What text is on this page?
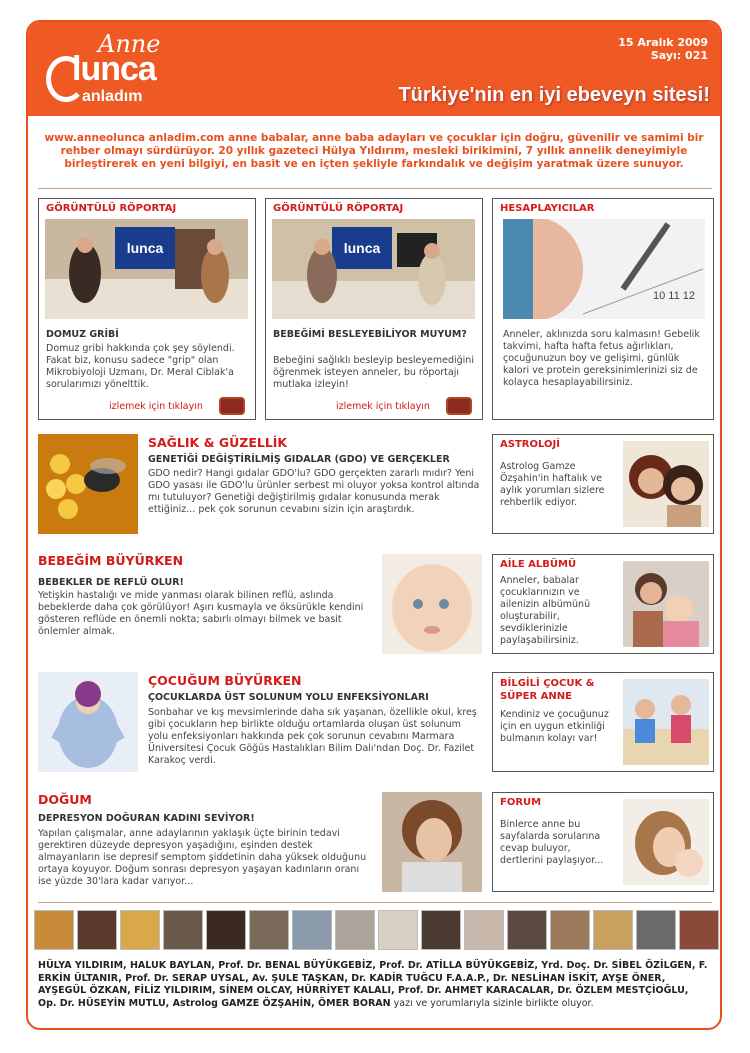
Anne
lunca
anladım
15 Aralık 2009
Sayı: 021
Türkiye'nin en iyi ebeveyn sitesi!
www.anneolunca anladim.com anne babalar, anne baba adayları ve çocuklar için doğru, güvenilir ve samimi bir rehber olmayı sürdürüyor. 20 yıllık gazeteci Hülya Yıldırım, mesleki birikimini, 7 yıllık annelik deneyimiyle birleştirerek en yeni bilgiyi, en basit ve en içten şekliyle farkındalık ve değişim yaratmak üzere sunuyor.
GÖRÜNTÜLÜ RÖPORTAJ
lunca
DOMUZ GRİBİ
Domuz gribi hakkında çok şey söylendi. Fakat biz, konusu sadece "grip" olan Mikrobiyoloji Uzmanı, Dr. Meral Ciblak'a sorularımızı yönelttik.
izlemek için tıklayın
GÖRÜNTÜLÜ RÖPORTAJ
lunca
BEBEĞİMİ BESLEYEBİLİYOR MUYUM?
Bebeğini sağlıklı besleyip besleyemediğini öğrenmek isteyen anneler, bu röportajı mutlaka izleyin!
izlemek için tıklayın
HESAPLAYICILAR
10 11 12
Anneler, aklınızda soru kalmasın! Gebelik takvimi, hafta hafta fetus ağırlıkları, çocuğunuzun boy ve gelişimi, günlük kalori ve protein gereksinimlerinizi siz de kolayca hesaplayabilirsiniz.
SAĞLIK & GÜZELLİK
GENETİĞİ DEĞİŞTİRİLMİŞ GIDALAR (GDO) VE GERÇEKLER
GDO nedir? Hangi gıdalar GDO'lu? GDO gerçekten zararlı mıdır? Yeni GDO yasası ile GDO'lu ürünler serbest mi oluyor yoksa kontrol altında mı tutuluyor? Genetiği değiştirilmiş gıdalar konusunda merak ettiğiniz... pek çok sorunun cevabını sizin için araştırdık.
ASTROLOJİ
Astrolog Gamze Özşahin'in haftalık ve aylık yorumları sizlere rehberlik ediyor.
BEBEĞİM BÜYÜRKEN
BEBEKLER DE REFLÜ OLUR!
Yetişkin hastalığı ve mide yanması olarak bilinen reflü, aslında bebeklerde daha çok görülüyor! Aşırı kusmayla ve öksürükle kendini gösteren reflüde en önemli nokta; sabırlı olmayı bilmek ve basit önlemler almak.
AİLE ALBÜMÜ
Anneler, babalar çocuklarınızın ve ailenizin albümünü oluşturabilir, sevdiklerinizle paylaşabilirsiniz.
ÇOCUĞUM BÜYÜRKEN
ÇOCUKLARDA ÜST SOLUNUM YOLU ENFEKSİYONLARI
Sonbahar ve kış mevsimlerinde daha sık yaşanan, özellikle okul, kreş gibi çocukların hep birlikte olduğu ortamlarda oluşan üst solunum yolu enfeksiyonları hakkında pek çok sorunun cevabını Marmara Üniversitesi Çocuk Göğüs Hastalıkları Bilim Dalı'ndan Doç. Dr. Fazilet Karakoç verdi.
BİLGİLİ ÇOCUK & SÜPER ANNE
Kendiniz ve çocuğunuz için en uygun etkinliği bulmanın kolayı var!
DOĞUM
DEPRESYON DOĞURAN KADINI SEVİYOR!
Yapılan çalışmalar, anne adaylarının yaklaşık üçte birinin tedavi gerektiren düzeyde depresyon yaşadığını, eşinden destek almayanların ise depresif semptom şiddetinin daha yüksek olduğunu ortaya koyuyor. Doğum sonrası depresyon yaşayan kadınların oranı ise yüzde 30'lara kadar varıyor...
FORUM
Binlerce anne bu sayfalarda sorularına cevap buluyor, dertlerini paylaşıyor...
HÜLYA YILDIRIM, HALUK BAYLAN, Prof. Dr. BENAL BÜYÜKGEBİZ, Prof. Dr. ATİLLA BÜYÜKGEBİZ, Yrd. Doç. Dr. SİBEL ÖZİLGEN, F. ERKİN ÜLTANIR, Prof. Dr. SERAP UYSAL, Av. ŞULE TAŞKAN, Dr. KADİR TUĞCU F.A.A.P., Dr. NESLİHAN İSKİT, AYŞE ÖNER, AYŞEGÜL ÖZKAN, FİLİZ YILDIRIM, SİNEM OLCAY, HÜRRİYET KALALI, Prof. Dr. AHMET KARACALAR, Dr. ÖZLEM MESTÇİOĞLU, Op. Dr. HÜSEYİN MUTLU, Astrolog GAMZE ÖZŞAHİN, ÖMER BORAN yazı ve yorumlarıyla sizinle birlikte oluyor.
